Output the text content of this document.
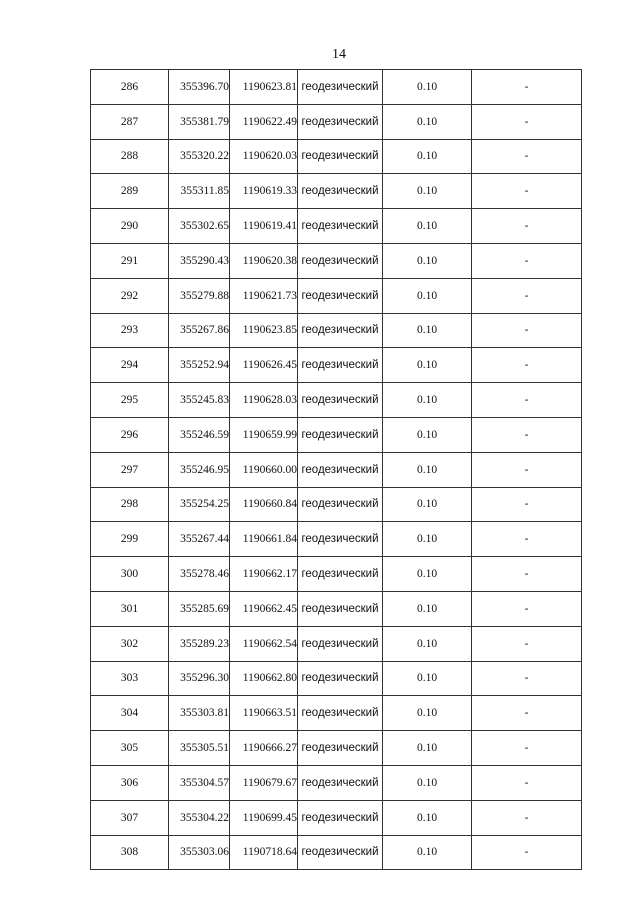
14
286	355396.70	1190623.81	геодезический	0.10	-
287	355381.79	1190622.49	геодезический	0.10	-
288	355320.22	1190620.03	геодезический	0.10	-
289	355311.85	1190619.33	геодезический	0.10	-
290	355302.65	1190619.41	геодезический	0.10	-
291	355290.43	1190620.38	геодезический	0.10	-
292	355279.88	1190621.73	геодезический	0.10	-
293	355267.86	1190623.85	геодезический	0.10	-
294	355252.94	1190626.45	геодезический	0.10	-
295	355245.83	1190628.03	геодезический	0.10	-
296	355246.59	1190659.99	геодезический	0.10	-
297	355246.95	1190660.00	геодезический	0.10	-
298	355254.25	1190660.84	геодезический	0.10	-
299	355267.44	1190661.84	геодезический	0.10	-
300	355278.46	1190662.17	геодезический	0.10	-
301	355285.69	1190662.45	геодезический	0.10	-
302	355289.23	1190662.54	геодезический	0.10	-
303	355296.30	1190662.80	геодезический	0.10	-
304	355303.81	1190663.51	геодезический	0.10	-
305	355305.51	1190666.27	геодезический	0.10	-
306	355304.57	1190679.67	геодезический	0.10	-
307	355304.22	1190699.45	геодезический	0.10	-
308	355303.06	1190718.64	геодезический	0.10	-
